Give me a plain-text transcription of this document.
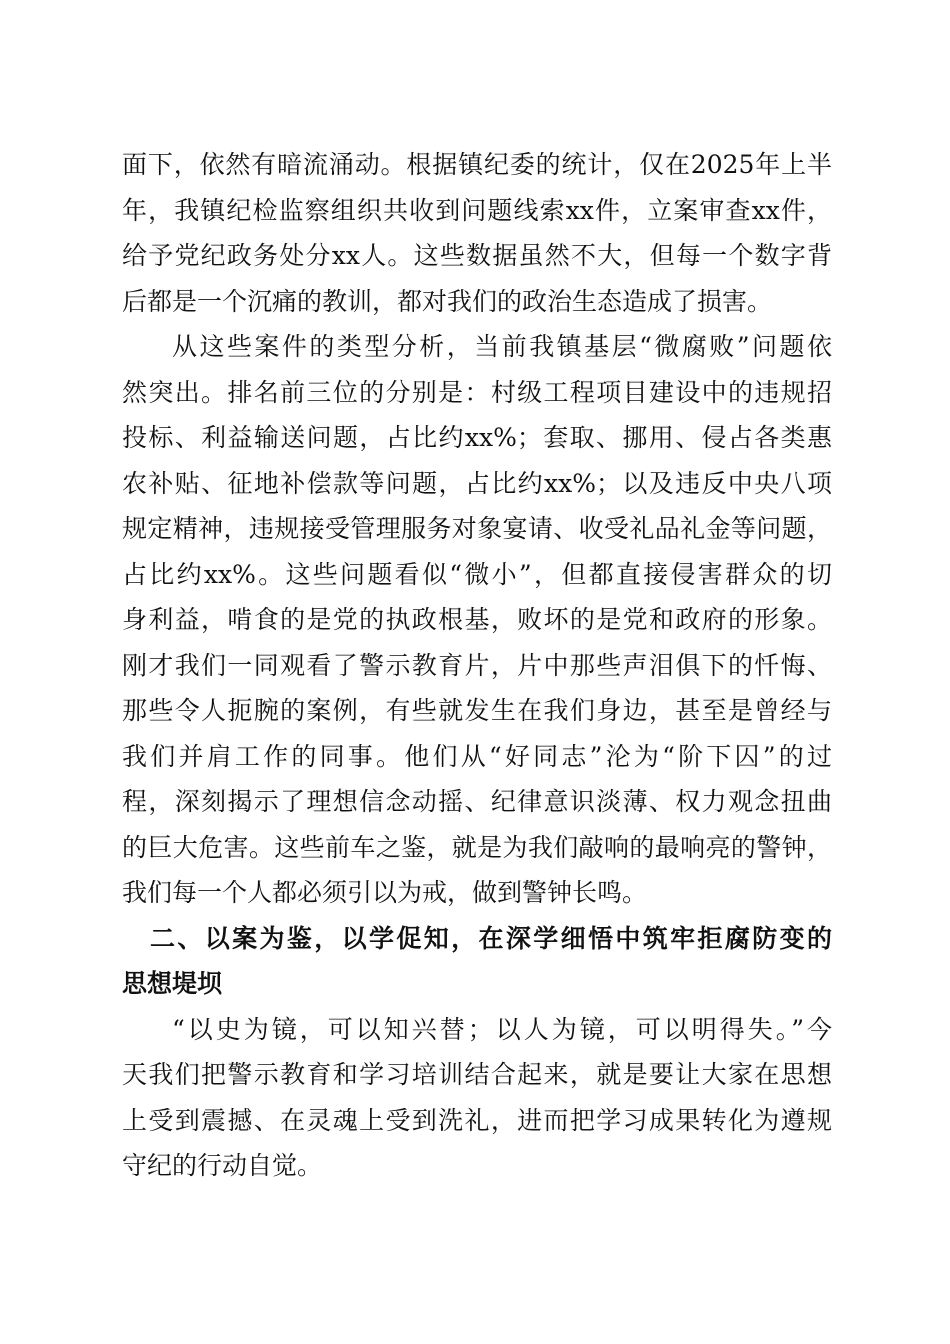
面下，依然有暗流涌动。根据镇纪委的统计，仅在2025年上半
年，我镇纪检监察组织共收到问题线索xx件，立案审查xx件，
给予党纪政务处分xx人。这些数据虽然不大，但每一个数字背
后都是一个沉痛的教训，都对我们的政治生态造成了损害。
从这些案件的类型分析，当前我镇基层“微腐败”问题依
然突出。排名前三位的分别是：村级工程项目建设中的违规招
投标、利益输送问题，占比约xx%；套取、挪用、侵占各类惠
农补贴、征地补偿款等问题，占比约xx%；以及违反中央八项
规定精神，违规接受管理服务对象宴请、收受礼品礼金等问题，
占比约xx%。这些问题看似“微小”，但都直接侵害群众的切
身利益，啃食的是党的执政根基，败坏的是党和政府的形象。
刚才我们一同观看了警示教育片，片中那些声泪俱下的忏悔、
那些令人扼腕的案例，有些就发生在我们身边，甚至是曾经与
我们并肩工作的同事。他们从“好同志”沦为“阶下囚”的过
程，深刻揭示了理想信念动摇、纪律意识淡薄、权力观念扭曲
的巨大危害。这些前车之鉴，就是为我们敲响的最响亮的警钟，
我们每一个人都必须引以为戒，做到警钟长鸣。
二、以案为鉴，以学促知，在深学细悟中筑牢拒腐防变的
思想堤坝
“以史为镜，可以知兴替；以人为镜，可以明得失。”今
天我们把警示教育和学习培训结合起来，就是要让大家在思想
上受到震撼、在灵魂上受到洗礼，进而把学习成果转化为遵规
守纪的行动自觉。
